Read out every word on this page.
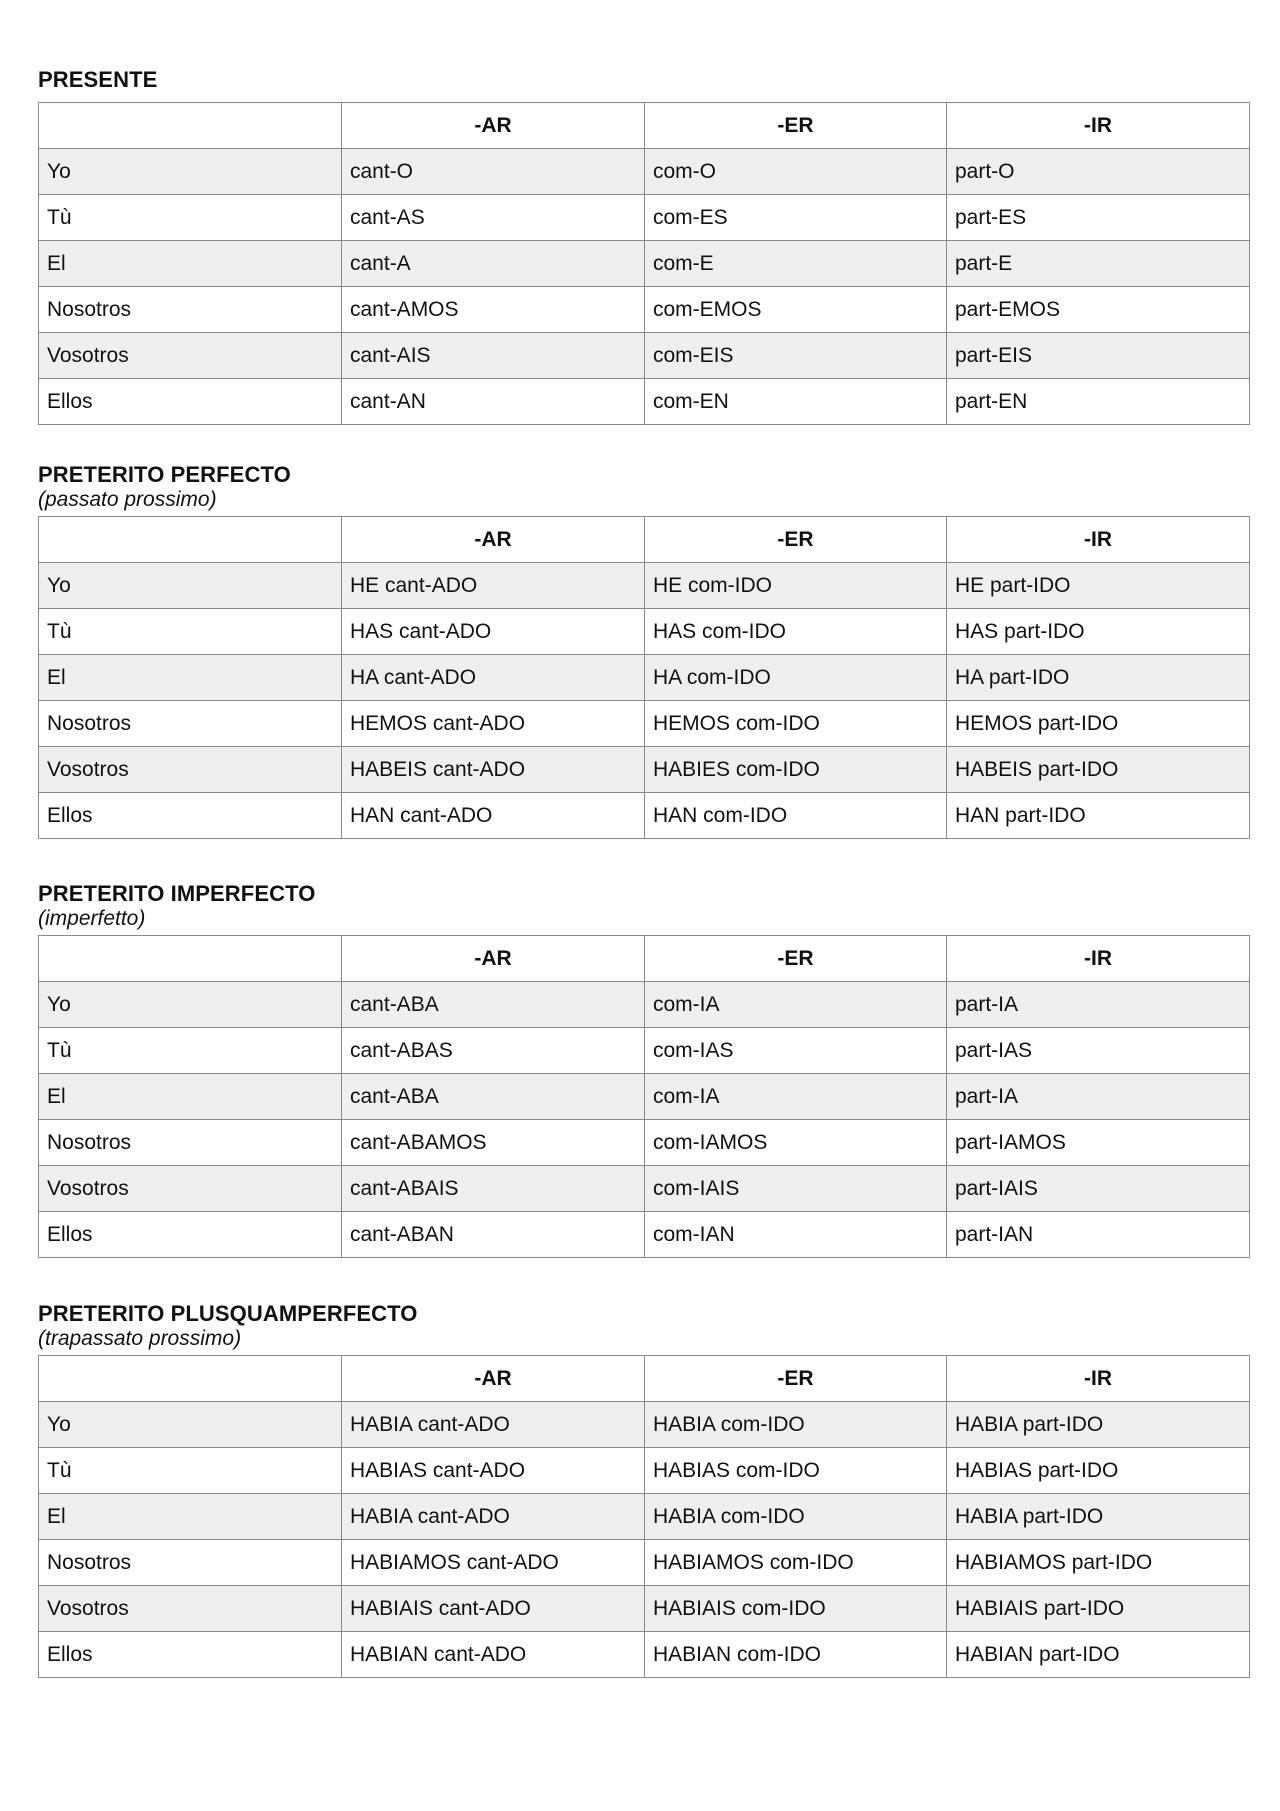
PRESENTE
	-AR	-ER	-IR
Yo	cant-O	com-O	part-O
Tù	cant-AS	com-ES	part-ES
El	cant-A	com-E	part-E
Nosotros	cant-AMOS	com-EMOS	part-EMOS
Vosotros	cant-AIS	com-EIS	part-EIS
Ellos	cant-AN	com-EN	part-EN
PRETERITO PERFECTO
(passato prossimo)
	-AR	-ER	-IR
Yo	HE cant-ADO	HE com-IDO	HE part-IDO
Tù	HAS cant-ADO	HAS com-IDO	HAS part-IDO
El	HA cant-ADO	HA com-IDO	HA part-IDO
Nosotros	HEMOS cant-ADO	HEMOS com-IDO	HEMOS part-IDO
Vosotros	HABEIS cant-ADO	HABIES com-IDO	HABEIS part-IDO
Ellos	HAN cant-ADO	HAN com-IDO	HAN part-IDO
PRETERITO IMPERFECTO
(imperfetto)
	-AR	-ER	-IR
Yo	cant-ABA	com-IA	part-IA
Tù	cant-ABAS	com-IAS	part-IAS
El	cant-ABA	com-IA	part-IA
Nosotros	cant-ABAMOS	com-IAMOS	part-IAMOS
Vosotros	cant-ABAIS	com-IAIS	part-IAIS
Ellos	cant-ABAN	com-IAN	part-IAN
PRETERITO PLUSQUAMPERFECTO
(trapassato prossimo)
	-AR	-ER	-IR
Yo	HABIA cant-ADO	HABIA com-IDO	HABIA part-IDO
Tù	HABIAS cant-ADO	HABIAS com-IDO	HABIAS part-IDO
El	HABIA cant-ADO	HABIA com-IDO	HABIA part-IDO
Nosotros	HABIAMOS cant-ADO	HABIAMOS com-IDO	HABIAMOS part-IDO
Vosotros	HABIAIS cant-ADO	HABIAIS com-IDO	HABIAIS part-IDO
Ellos	HABIAN cant-ADO	HABIAN com-IDO	HABIAN part-IDO
